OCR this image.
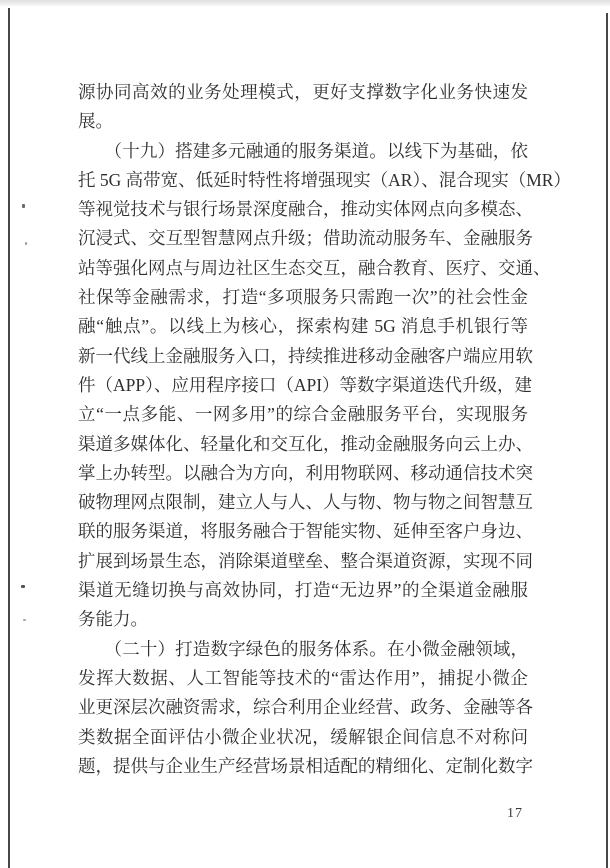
源协同高效的业务处理模式，更好支撑数字化业务快速发
展。
　　（十九）搭建多元融通的服务渠道。以线下为基础，依
托 5G 高带宽、低延时特性将增强现实（AR）、混合现实（MR）
等视觉技术与银行场景深度融合，推动实体网点向多模态、
沉浸式、交互型智慧网点升级；借助流动服务车、金融服务
站等强化网点与周边社区生态交互，融合教育、医疗、交通、
社保等金融需求，打造“多项服务只需跑一次”的社会性金
融“触点”。以线上为核心，探索构建 5G 消息手机银行等
新一代线上金融服务入口，持续推进移动金融客户端应用软
件（APP）、应用程序接口（API）等数字渠道迭代升级，建
立“一点多能、一网多用”的综合金融服务平台，实现服务
渠道多媒体化、轻量化和交互化，推动金融服务向云上办、
掌上办转型。以融合为方向，利用物联网、移动通信技术突
破物理网点限制，建立人与人、人与物、物与物之间智慧互
联的服务渠道，将服务融合于智能实物、延伸至客户身边、
扩展到场景生态，消除渠道壁垒、整合渠道资源，实现不同
渠道无缝切换与高效协同，打造“无边界”的全渠道金融服
务能力。
　　（二十）打造数字绿色的服务体系。在小微金融领域，
发挥大数据、人工智能等技术的“雷达作用”，捕捉小微企
业更深层次融资需求，综合利用企业经营、政务、金融等各
类数据全面评估小微企业状况，缓解银企间信息不对称问
题，提供与企业生产经营场景相适配的精细化、定制化数字
17
